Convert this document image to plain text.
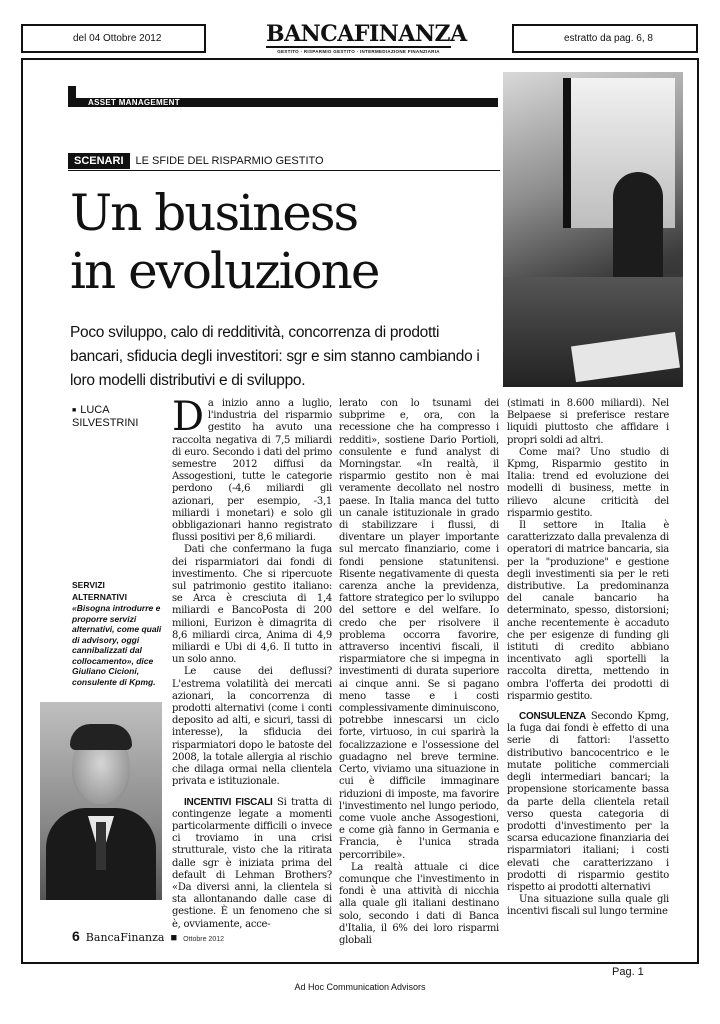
del 04 Ottobre 2012	BANCAFINANZA
GESTITO - RISPARMIO GESTITO - INTERMEDIAZIONE FINANZIARIA
estratto da pag. 6, 8
ASSET MANAGEMENT
SCENARI	LE SFIDE DEL RISPARMIO GESTITO
Un business
in evoluzione
Poco sviluppo, calo di redditività, concorrenza di prodotti bancari, sfiducia degli investitori: sgr e sim stanno cambiando i loro modelli distributivi e di sviluppo.
■ LUCA
SILVESTRINI
SERVIZI
ALTERNATIVI
«Bisogna introdurre e proporre servizi alternativi, come quali di advisory, oggi cannibalizzati dal collocamento», dice Giuliano Cicioni, consulente di Kpmg.

Da inizio anno a luglio, l'industria del risparmio gestito ha avuto una raccolta negativa di 7,5 miliardi di euro. Secondo i dati del primo semestre 2012 diffusi da Assogestioni, tutte le categorie perdono (-4,6 miliardi gli azionari, per esempio, -3,1 miliardi i monetari) e solo gli obbligazionari hanno registrato flussi positivi per 8,6 miliardi.

Dati che confermano la fuga dei risparmiatori dai fondi di investimento. Che si ripercuote sul patrimonio gestito italiano: se Arca è cresciuta di 1,4 miliardi e BancoPosta di 200 milioni, Eurizon è dimagrita di 8,6 miliardi circa, Anima di 4,9 miliardi e Ubi di 4,6. Il tutto in un solo anno.

Le cause dei deflussi? L'estrema volatilità dei mercati azionari, la concorrenza di prodotti alternativi (come i conti deposito ad alti, e sicuri, tassi di interesse), la sfiducia dei risparmiatori dopo le batoste del 2008, la totale allergia al rischio che dilaga ormai nella clientela privata e istituzionale.

INCENTIVI FISCALI Si tratta di contingenze legate a momenti particolarmente difficili o invece ci troviamo in una crisi strutturale, visto che la ritirata dalle sgr è iniziata prima del default di Lehman Brothers? «Da diversi anni, la clientela si sta allontanando dalle case di gestione. È un fenomeno che si è, ovviamente, acce-

lerato con lo tsunami dei subprime e, ora, con la recessione che ha compresso i redditi», sostiene Dario Portioli, consulente e fund analyst di Morningstar. «In realtà, il risparmio gestito non è mai veramente decollato nel nostro paese. In Italia manca del tutto un canale istituzionale in grado di stabilizzare i flussi, di diventare un player importante sul mercato finanziario, come i fondi pensione statunitensi. Risente negativamente di questa carenza anche la previdenza, fattore strategico per lo sviluppo del settore e del welfare. Io credo che per risolvere il problema occorra favorire, attraverso incentivi fiscali, il risparmiatore che si impegna in investimenti di durata superiore ai cinque anni. Se si pagano meno tasse e i costi complessivamente diminuiscono, potrebbe innescarsi un ciclo forte, virtuoso, in cui sparirà la focalizzazione e l'ossessione del guadagno nel breve termine. Certo, viviamo una situazione in cui è difficile immaginare riduzioni di imposte, ma favorire l'investimento nel lungo periodo, come vuole anche Assogestioni, e come già fanno in Germania e Francia, è l'unica strada percorribile».

La realtà attuale ci dice comunque che l'investimento in fondi è una attività di nicchia alla quale gli italiani destinano solo, secondo i dati di Banca d'Italia, il 6% dei loro risparmi globali

(stimati in 8.600 miliardi). Nel Belpaese si preferisce restare liquidi piuttosto che affidare i propri soldi ad altri.

Come mai? Uno studio di Kpmg, Risparmio gestito in Italia: trend ed evoluzione dei modelli di business, mette in rilievo alcune criticità del risparmio gestito.

Il settore in Italia è caratterizzato dalla prevalenza di operatori di matrice bancaria, sia per la "produzione" e gestione degli investimenti sia per le reti distributive. La predominanza del canale bancario ha determinato, spesso, distorsioni; anche recentemente è accaduto che per esigenze di funding gli istituti di credito abbiano incentivato agli sportelli la raccolta diretta, mettendo in ombra l'offerta dei prodotti di risparmio gestito.

CONSULENZA Secondo Kpmg, la fuga dai fondi è effetto di una serie di fattori: l'assetto distributivo bancocentrico e le mutate politiche commerciali degli intermediari bancari; la propensione storicamente bassa da parte della clientela retail verso questa categoria di prodotti d'investimento per la scarsa educazione finanziaria dei risparmiatori italiani; i costi elevati che caratterizzano i prodotti di risparmio gestito rispetto ai prodotti alternativi

Una situazione sulla quale gli incentivi fiscali sul lungo termine

6 BancaFinanza ■ Ottobre 2012
Pag. 1
Ad Hoc Communication Advisors
